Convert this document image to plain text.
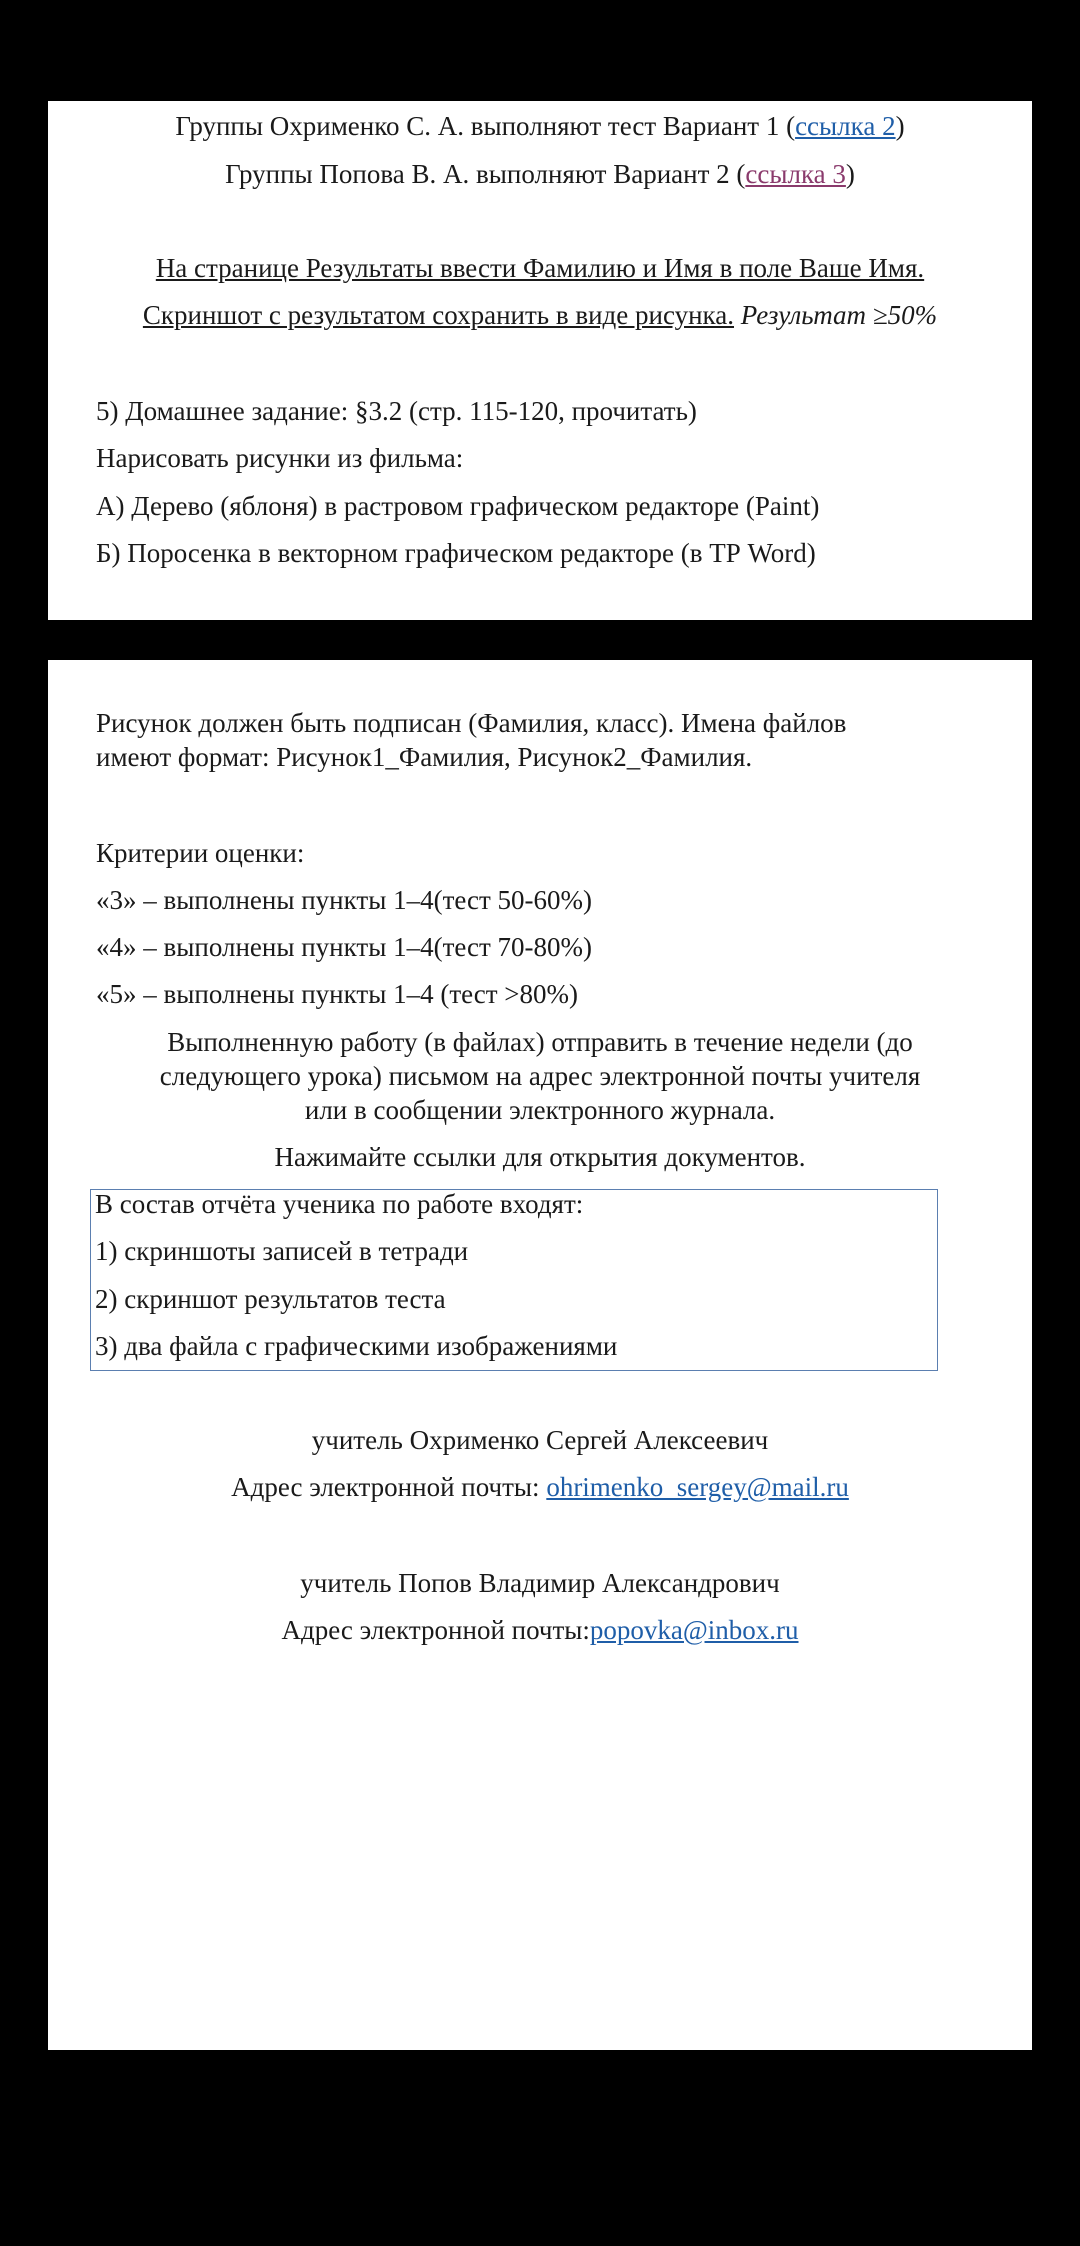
Группы Охрименко С. А. выполняют тест Вариант 1 (ссылка 2)
Группы Попова В. А. выполняют Вариант 2 (ссылка 3)
На странице Результаты ввести Фамилию и Имя в поле Ваше Имя.
Скриншот с результатом сохранить в виде рисунка. Результат ≥50%
5) Домашнее задание: §3.2 (стр. 115-120, прочитать)
Нарисовать рисунки из фильма:
А) Дерево (яблоня) в растровом графическом редакторе (Paint)
Б) Поросенка в векторном графическом редакторе (в ТР Word)
Рисунок должен быть подписан (Фамилия, класс). Имена файлов
имеют формат: Рисунок1_Фамилия, Рисунок2_Фамилия.
Критерии оценки:
«3» – выполнены пункты 1–4(тест 50-60%)
«4» – выполнены пункты 1–4(тест 70-80%)
«5» – выполнены пункты 1–4 (тест >80%)
Выполненную работу (в файлах) отправить в течение недели (до
следующего урока) письмом на адрес электронной почты учителя
или в сообщении электронного журнала.
Нажимайте ссылки для открытия документов.
В состав отчёта ученика по работе входят:
1) скриншоты записей в тетради
2) скриншот результатов теста
3) два файла с графическими изображениями
учитель Охрименко Сергей Алексеевич
Адрес электронной почты: ohrimenko_sergey@mail.ru
учитель Попов Владимир Александрович
Адрес электронной почты:popovka@inbox.ru
